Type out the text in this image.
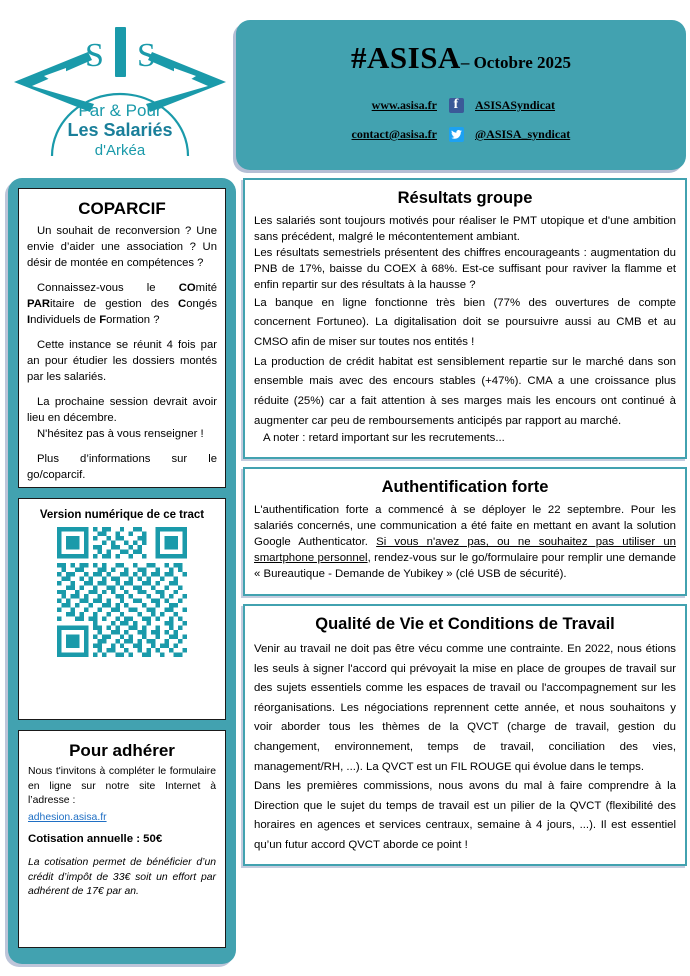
S S
Par & Pour
Les Salariés
d'Arkéa
#ASISA– Octobre 2025
www.asisa.fr f	ASISASyndicat
contact@asisa.fr	@ASISA_syndicat
COPARCIF

Un souhait de reconversion ? Une envie d’aider une association ? Un désir de montée en compétences ?

Connaissez-vous le COmité PARitaire de gestion des Congés Individuels de Formation ?

Cette instance se réunit 4 fois par an pour étudier les dossiers montés par les salariés.

La prochaine session devrait avoir lieu en décembre.

N'hésitez pas à vous renseigner !

Plus d’informations sur le go/coparcif.

Version numérique de ce tract
Pour adhérer

Nous t'invitons à compléter le formulaire en ligne sur notre site Internet à l’adresse :

adhesion.asisa.fr

Cotisation annuelle : 50€

La cotisation permet de bénéficier d’un crédit d’impôt de 33€ soit un effort par adhérent de 17€ par an.

Résultats groupe

Les salariés sont toujours motivés pour réaliser le PMT utopique et d'une ambition sans précédent, malgré le mécontentement ambiant.

Les résultats semestriels présentent des chiffres encourageants : augmentation du PNB de 17%, baisse du COEX à 68%. Est-ce suffisant pour raviver la flamme et enfin repartir sur des résultats à la hausse ?

La banque en ligne fonctionne très bien (77% des ouvertures de compte concernent Fortuneo). La digitalisation doit se poursuivre aussi au CMB et au CMSO afin de miser sur toutes nos entités !

La production de crédit habitat est sensiblement repartie sur le marché dans son ensemble mais avec des encours stables (+47%). CMA a une croissance plus réduite (25%) car a fait attention à ses marges mais les encours ont continué à augmenter car peu de remboursements anticipés par rapport au marché.

A noter : retard important sur les recrutements...

Authentification forte

L'authentification forte a commencé à se déployer le 22 septembre. Pour les salariés concernés, une communication a été faite en mettant en avant la solution Google Authenticator. Si vous n'avez pas, ou ne souhaitez pas utiliser un smartphone personnel, rendez-vous sur le go/formulaire pour remplir une demande « Bureautique - Demande de Yubikey » (clé USB de sécurité).

Qualité de Vie et Conditions de Travail

Venir au travail ne doit pas être vécu comme une contrainte. En 2022, nous étions les seuls à signer l'accord qui prévoyait la mise en place de groupes de travail sur des sujets essentiels comme les espaces de travail ou l'accompagnement sur les réorganisations. Les négociations reprennent cette année, et nous souhaitons y voir aborder tous les thèmes de la QVCT (charge de travail, gestion du changement, environnement, temps de travail, conciliation des vies, management/RH, ...). La QVCT est un FIL ROUGE qui évolue dans le temps.

Dans les premières commissions, nous avons du mal à faire comprendre à la Direction que le sujet du temps de travail est un pilier de la QVCT (flexibilité des horaires en agences et services centraux, semaine à 4 jours, ...). Il est essentiel qu’un futur accord QVCT aborde ce point !
